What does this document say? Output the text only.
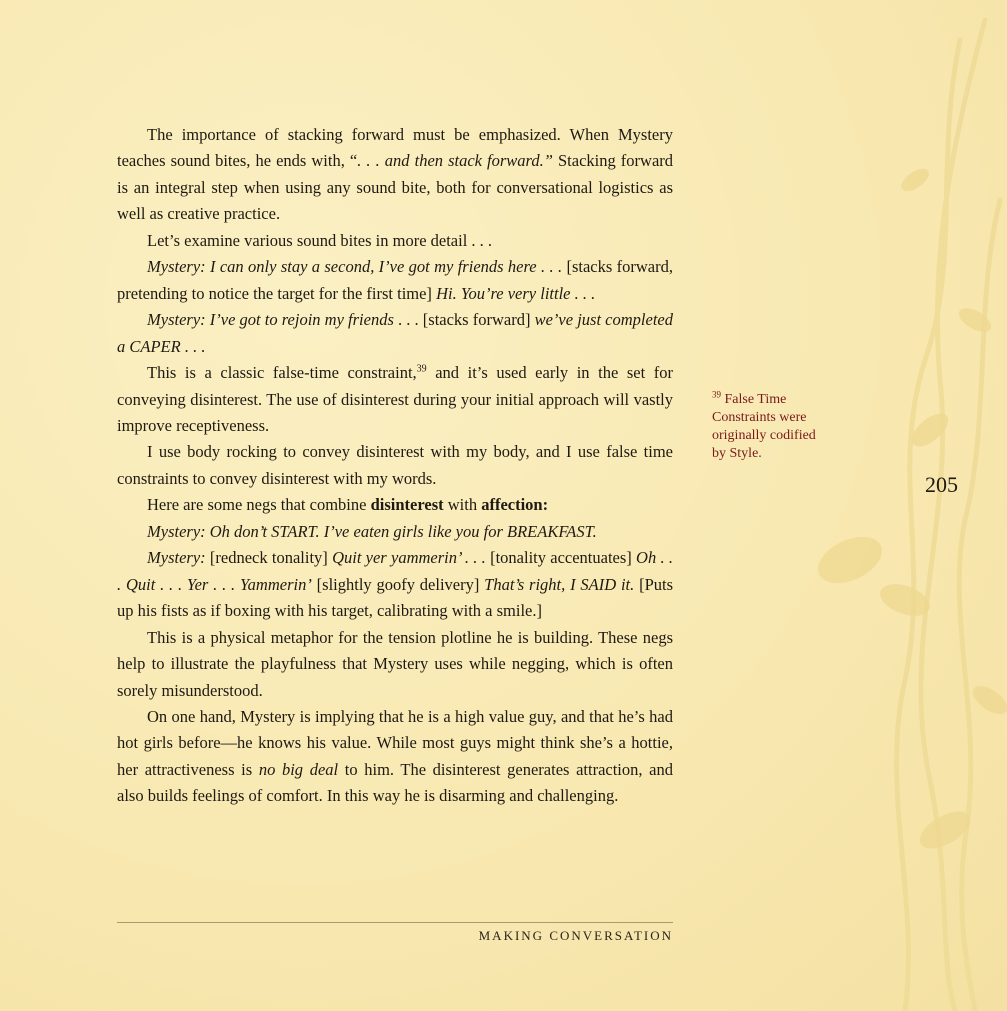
The importance of stacking forward must be emphasized. When Mystery teaches sound bites, he ends with, “. . . and then stack forward.” Stacking forward is an integral step when using any sound bite, both for conversational logistics as well as creative practice.

Let’s examine various sound bites in more detail . . .

Mystery: I can only stay a second, I’ve got my friends here . . . [stacks forward, pretending to notice the target for the first time] Hi. You’re very little . . .

Mystery: I’ve got to rejoin my friends . . . [stacks forward] we’ve just completed a CAPER . . .

This is a classic false-time constraint,$^{39}$ and it’s used early in the set for conveying disinterest. The use of disinterest during your initial approach will vastly improve receptiveness.

I use body rocking to convey disinterest with my body, and I use false time constraints to convey disinterest with my words.

Here are some negs that combine disinterest with affection:

Mystery: Oh don’t START. I’ve eaten girls like you for BREAKFAST.

Mystery: [redneck tonality] Quit yer yammerin’ . . . [tonality accentuates] Oh . . . Quit . . . Yer . . . Yammerin’ [slightly goofy delivery] That’s right, I SAID it. [Puts up his fists as if boxing with his target, calibrating with a smile.]

This is a physical metaphor for the tension plotline he is building. These negs help to illustrate the playfulness that Mystery uses while negging, which is often sorely misunderstood.

On one hand, Mystery is implying that he is a high value guy, and that he’s had hot girls before—he knows his value. While most guys might think she’s a hottie, her attractiveness is no big deal to him. The disinterest generates attraction, and also builds feelings of comfort. In this way he is disarming and challenging.

$^{39}$ False Time Constraints were originally codified by Style.
205
MAKING CONVERSATION
